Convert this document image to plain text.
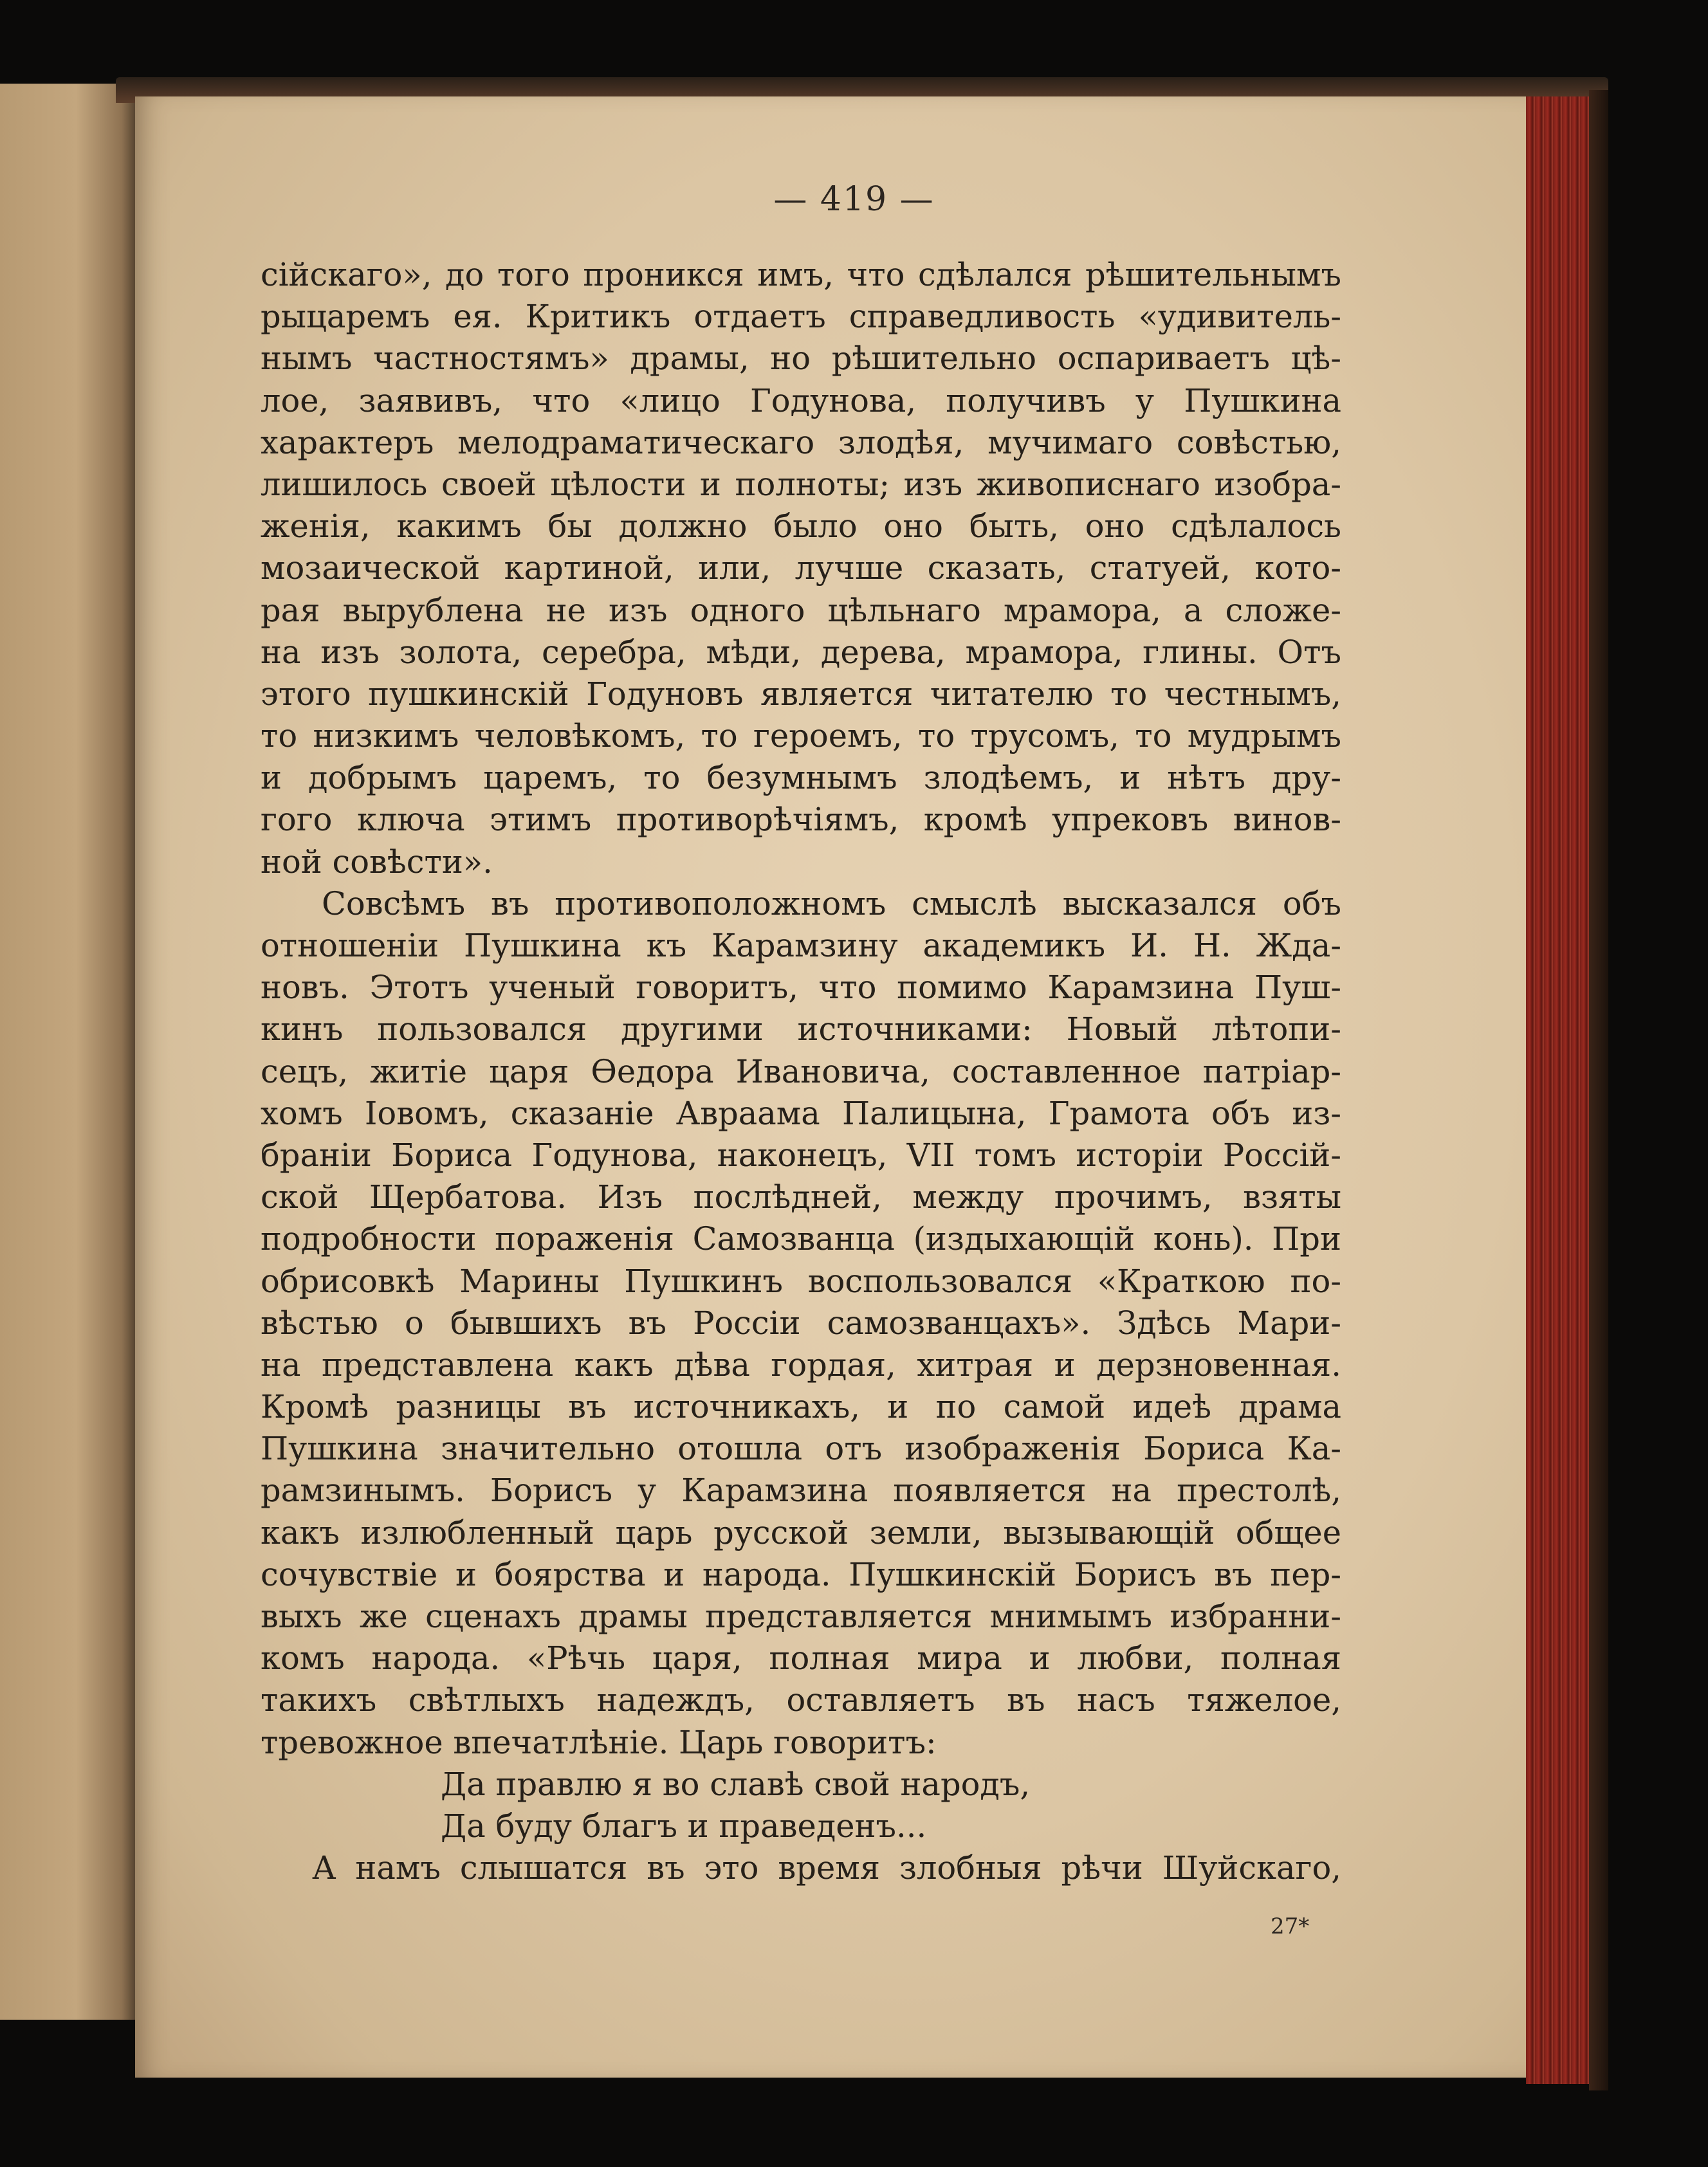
— 419 —
сійскаго», до того проникся имъ, что сдѣлался рѣшительнымъ
рыцаремъ ея. Критикъ отдаетъ справедливость «удивитель-
нымъ частностямъ» драмы, но рѣшительно оспариваетъ цѣ-
лое, заявивъ, что «лицо Годунова, получивъ у Пушкина
характеръ мелодраматическаго злодѣя, мучимаго совѣстью,
лишилось своей цѣлости и полноты; изъ живописнаго изобра-
женія, какимъ бы должно было оно быть, оно сдѣлалось
мозаической картиной, или, лучше сказать, статуей, кото-
рая вырублена не изъ одного цѣльнаго мрамора, а сложе-
на изъ золота, серебра, мѣди, дерева, мрамора, глины. Отъ
этого пушкинскій Годуновъ является читателю то честнымъ,
то низкимъ человѣкомъ, то героемъ, то трусомъ, то мудрымъ
и добрымъ царемъ, то безумнымъ злодѣемъ, и нѣтъ дру-
гого ключа этимъ противорѣчіямъ, кромѣ упрековъ винов-
ной совѣсти».
Совсѣмъ въ противоположномъ смыслѣ высказался объ
отношеніи Пушкина къ Карамзину академикъ И. Н. Жда-
новъ. Этотъ ученый говоритъ, что помимо Карамзина Пуш-
кинъ пользовался другими источниками: Новый лѣтопи-
сецъ, житіе царя Ѳедора Ивановича, составленное патріар-
хомъ Іовомъ, сказаніе Авраама Палицына, Грамота объ из-
браніи Бориса Годунова, наконецъ, VII томъ исторіи Россій-
ской Щербатова. Изъ послѣдней, между прочимъ, взяты
подробности пораженія Самозванца (издыхающій конь). При
обрисовкѣ Марины Пушкинъ воспользовался «Краткою по-
вѣстью о бывшихъ въ Россіи самозванцахъ». Здѣсь Мари-
на представлена какъ дѣва гордая, хитрая и дерзновенная.
Кромѣ разницы въ источникахъ, и по самой идеѣ драма
Пушкина значительно отошла отъ изображенія Бориса Ка-
рамзинымъ. Борисъ у Карамзина появляется на престолѣ,
какъ излюбленный царь русской земли, вызывающій общее
сочувствіе и боярства и народа. Пушкинскій Борисъ въ пер-
выхъ же сценахъ драмы представляется мнимымъ избранни-
комъ народа. «Рѣчь царя, полная мира и любви, полная
такихъ свѣтлыхъ надеждъ, оставляетъ въ насъ тяжелое,
тревожное впечатлѣніе. Царь говоритъ:
Да правлю я во славѣ свой народъ,
Да буду благъ и праведенъ...
А намъ слышатся въ это время злобныя рѣчи Шуйскаго,
27*
